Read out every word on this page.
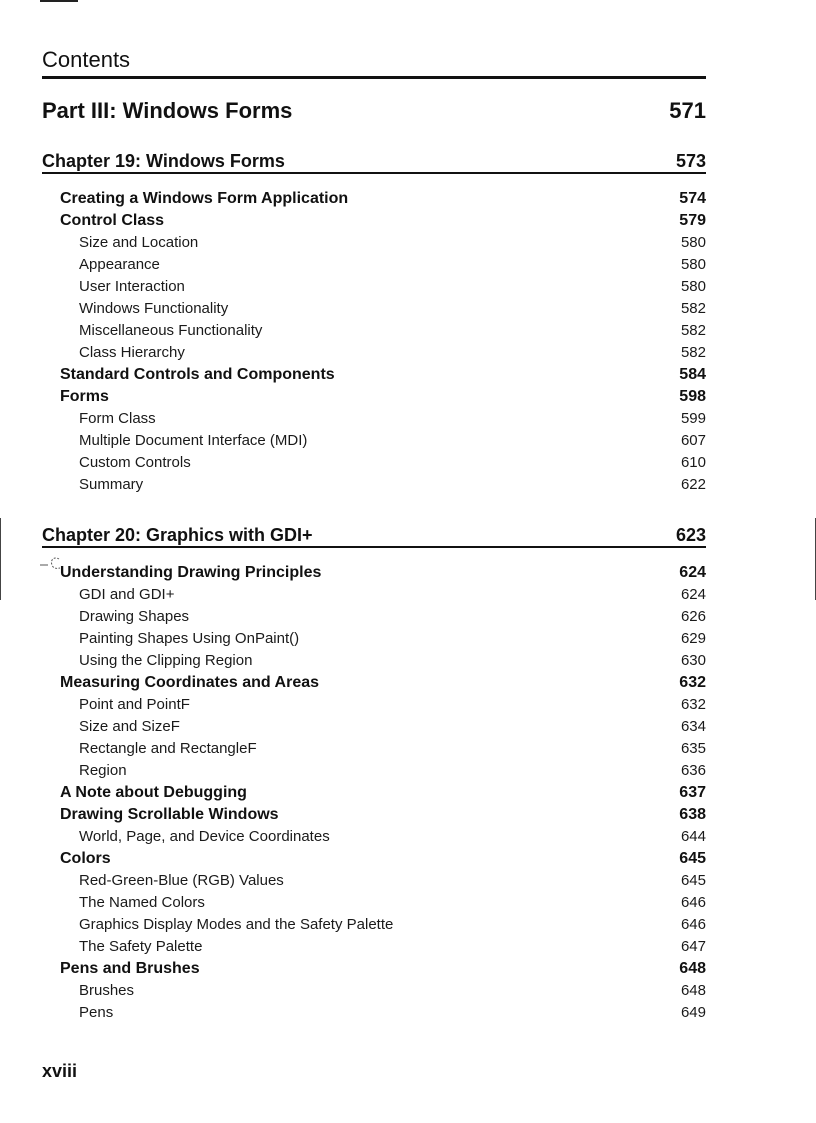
Contents
Part III: Windows Forms	571
Chapter 19: Windows Forms	573
Creating a Windows Form Application	574
Control Class	579
Size and Location	580
Appearance	580
User Interaction	580
Windows Functionality	582
Miscellaneous Functionality	582
Class Hierarchy	582
Standard Controls and Components	584
Forms	598
Form Class	599
Multiple Document Interface (MDI)	607
Custom Controls	610
Summary	622
Chapter 20: Graphics with GDI+	623
Understanding Drawing Principles	624
GDI and GDI+	624
Drawing Shapes	626
Painting Shapes Using OnPaint()	629
Using the Clipping Region	630
Measuring Coordinates and Areas	632
Point and PointF	632
Size and SizeF	634
Rectangle and RectangleF	635
Region	636
A Note about Debugging	637
Drawing Scrollable Windows	638
World, Page, and Device Coordinates	644
Colors	645
Red-Green-Blue (RGB) Values	645
The Named Colors	646
Graphics Display Modes and the Safety Palette	646
The Safety Palette	647
Pens and Brushes	648
Brushes	648
Pens	649
xviii
